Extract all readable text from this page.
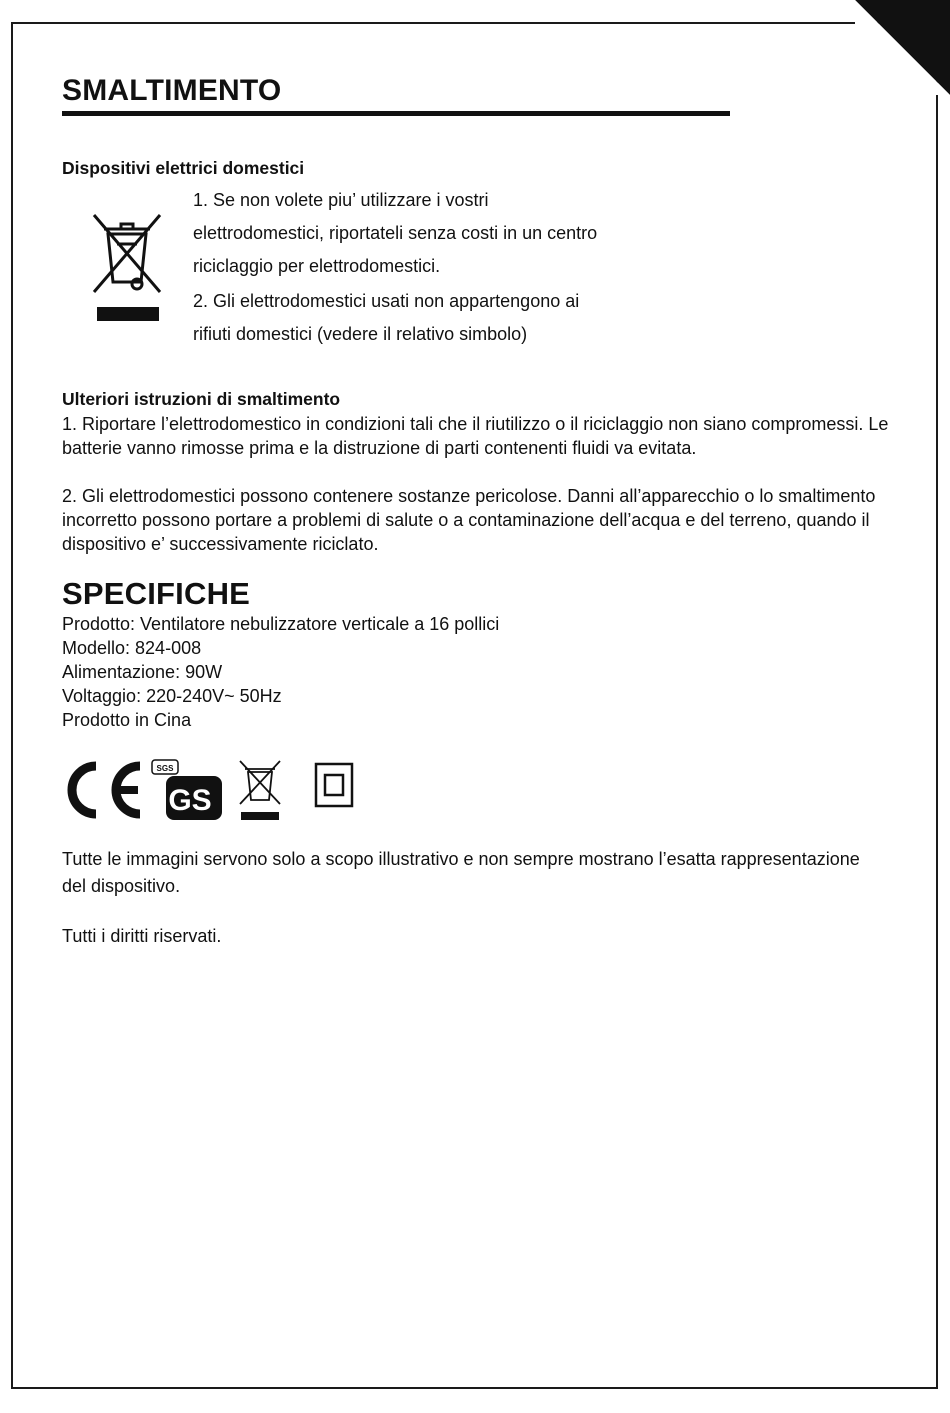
SMALTIMENTO
Dispositivi elettrici domestici
1. Se non volete piu’ utilizzare i vostri
elettrodomestici, riportateli senza costi in un centro
riciclaggio per elettrodomestici.
2. Gli elettrodomestici usati non appartengono ai
rifiuti domestici (vedere il relativo simbolo)
Ulteriori istruzioni di smaltimento
1. Riportare l’elettrodomestico in condizioni tali che il riutilizzo o il riciclaggio non siano compromessi. Le batterie vanno rimosse prima e la distruzione di parti contenenti fluidi va evitata.
2. Gli elettrodomestici possono contenere sostanze pericolose. Danni all’apparecchio o lo smaltimento incorretto possono portare a problemi di salute o a contaminazione dell’acqua e del terreno, quando il dispositivo e’ successivamente riciclato.
SPECIFICHE
Prodotto: Ventilatore nebulizzatore verticale a 16 pollici
Modello: 824-008
Alimentazione: 90W
Voltaggio: 220-240V~ 50Hz
Prodotto in Cina
SGS
GS
Tutte le immagini servono solo a scopo illustrativo e non sempre mostrano l’esatta rappresentazione del dispositivo.
Tutti i diritti riservati.
